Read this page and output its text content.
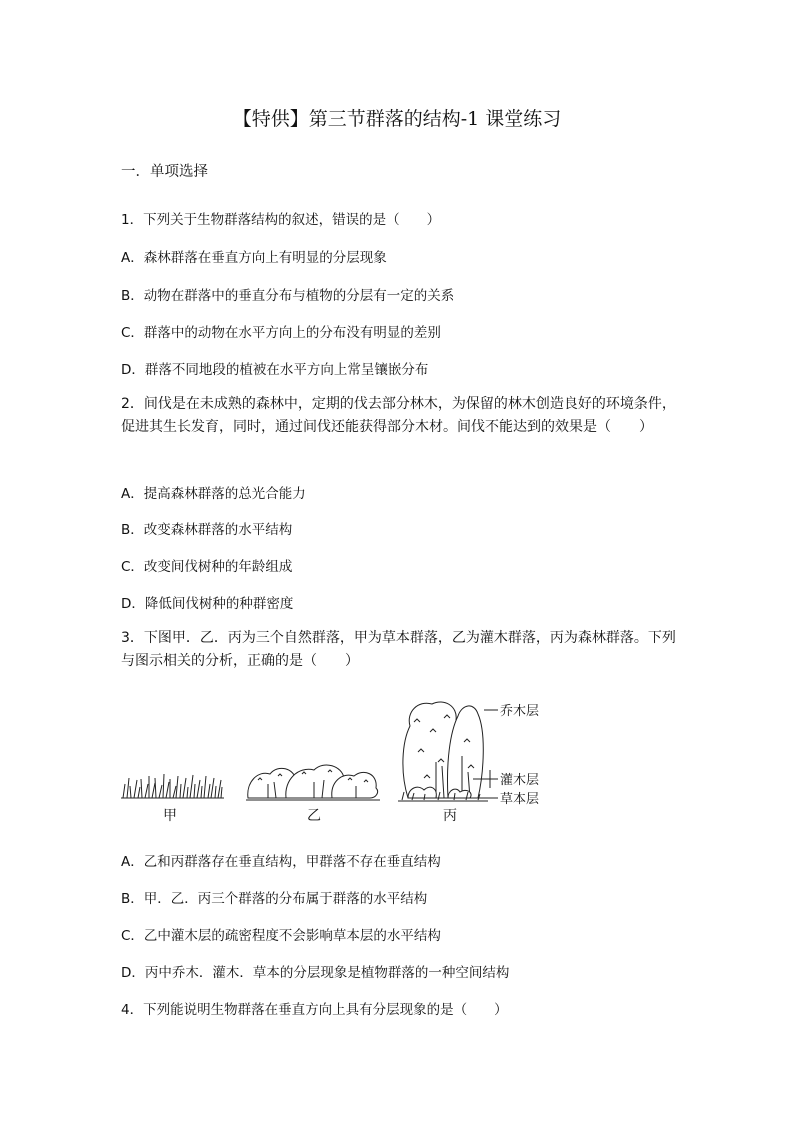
【特供】第三节群落的结构-1 课堂练习
一．单项选择
1．下列关于生物群落结构的叙述，错误的是（　　）
A．森林群落在垂直方向上有明显的分层现象
B．动物在群落中的垂直分布与植物的分层有一定的关系
C．群落中的动物在水平方向上的分布没有明显的差别
D．群落不同地段的植被在水平方向上常呈镶嵌分布
2．间伐是在未成熟的森林中，定期的伐去部分林木，为保留的林木创造良好的环境条件，促进其生长发育，同时，通过间伐还能获得部分木材。间伐不能达到的效果是（　　）
A．提高森林群落的总光合能力
B．改变森林群落的水平结构
C．改变间伐树种的年龄组成
D．降低间伐树种的种群密度
3．下图甲．乙．丙为三个自然群落，甲为草本群落，乙为灌木群落，丙为森林群落。下列与图示相关的分析，正确的是（　　）
甲	乙	丙
乔木层
灌木层
草本层
A．乙和丙群落存在垂直结构，甲群落不存在垂直结构
B．甲．乙．丙三个群落的分布属于群落的水平结构
C．乙中灌木层的疏密程度不会影响草本层的水平结构
D．丙中乔木．灌木．草本的分层现象是植物群落的一种空间结构
4．下列能说明生物群落在垂直方向上具有分层现象的是（　　）
